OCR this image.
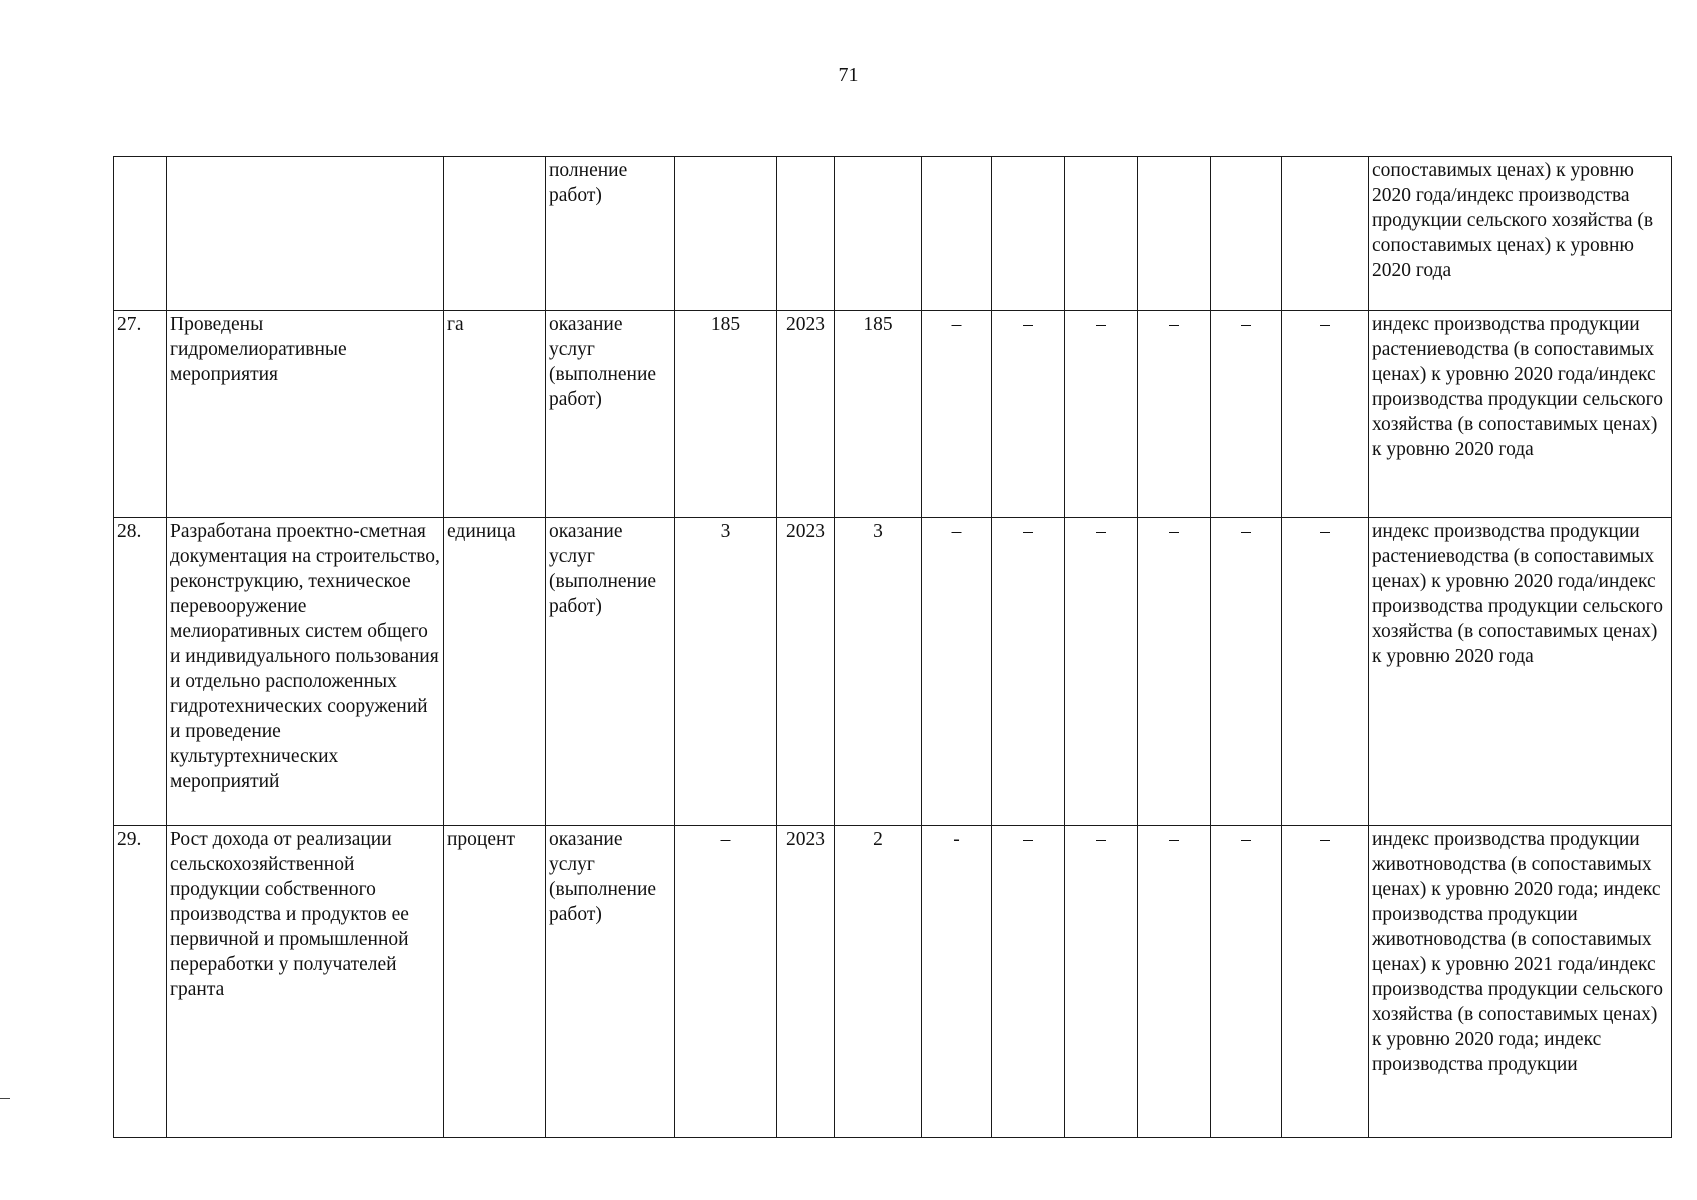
71
			полнение работ)										сопоставимых ценах) к уровню 2020 года/индекс производства продукции сельского хозяйства (в сопоставимых ценах) к уровню 2020 года
27.	Проведены гидромелиоративные мероприятия	га	оказание услуг (выполнение работ)	185	2023	185	–	–	–	–	–	–	индекс производства продукции растениеводства (в сопоставимых ценах) к уровню 2020 года/индекс производства продукции сельского хозяйства (в сопоставимых ценах) к уровню 2020 года
28.	Разработана проектно-сметная документация на строительство, реконструкцию, техническое перевооружение мелиоративных систем общего и индивидуального пользования и отдельно расположенных гидротехнических сооружений и проведение культуртехнических мероприятий	единица	оказание услуг (выполнение работ)	3	2023	3	–	–	–	–	–	–	индекс производства продукции растениеводства (в сопоставимых ценах) к уровню 2020 года/индекс производства продукции сельского хозяйства (в сопоставимых ценах) к уровню 2020 года
29.	Рост дохода от реализации сельскохозяйственной продукции собственного производства и продуктов ее первичной и промышленной переработки у получателей гранта	процент	оказание услуг (выполнение работ)	–	2023	2	-	–	–	–	–	–	индекс производства продукции животноводства (в сопоставимых ценах) к уровню 2020 года; индекс производства продукции животноводства (в сопоставимых ценах) к уровню 2021 года/индекс производства продукции сельского хозяйства (в сопоставимых ценах) к уровню 2020 года; индекс производства продукции
